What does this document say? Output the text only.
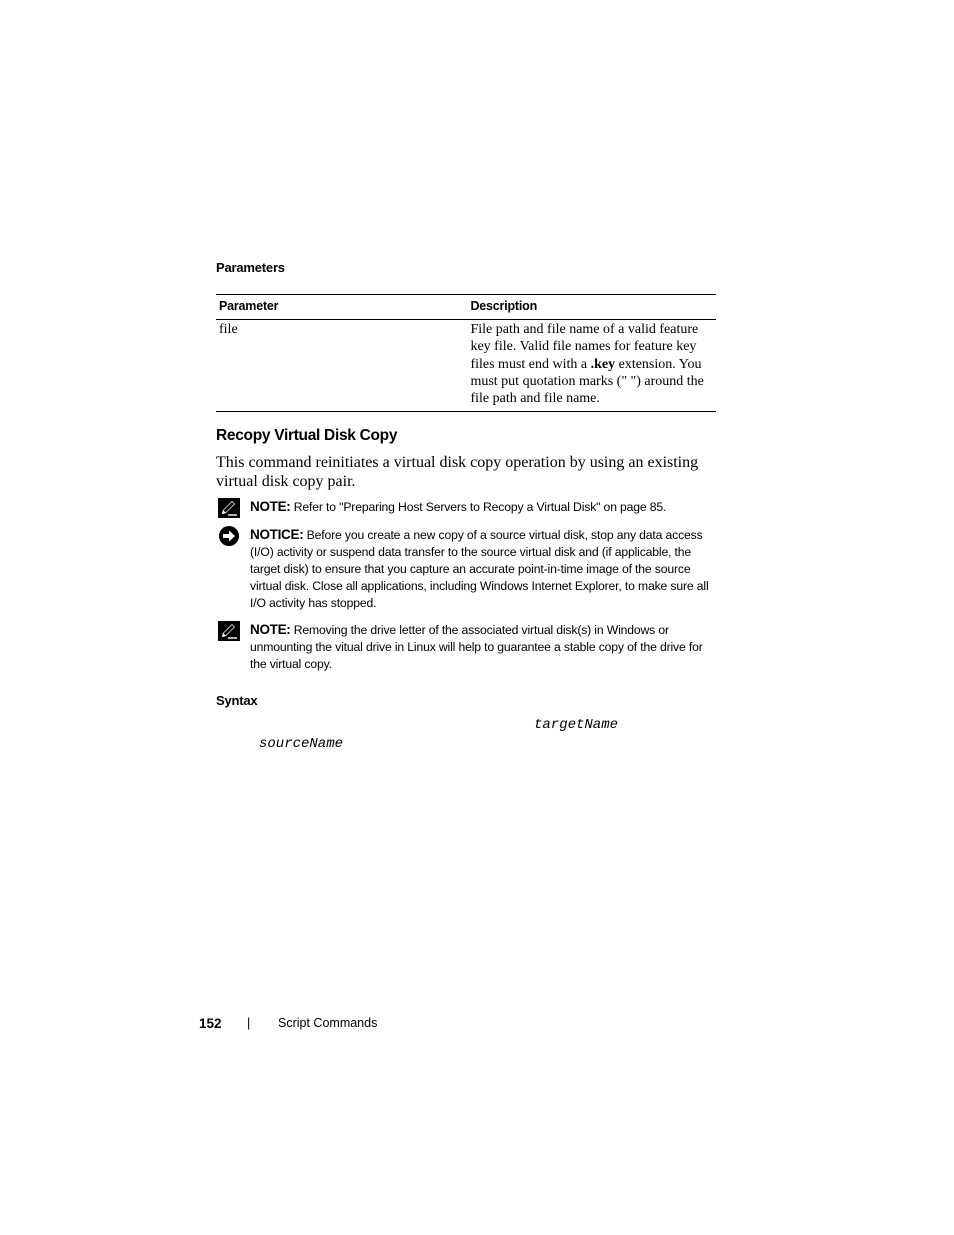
Parameters
Parameter	Description
file	File path and file name of a valid feature key file. Valid file names for feature key files must end with a .key extension. You must put quotation marks (" ") around the file path and file name.
Recopy Virtual Disk Copy
This command reinitiates a virtual disk copy operation by using an existing virtual disk copy pair.
NOTE: Refer to "Preparing Host Servers to Recopy a Virtual Disk" on page 85.
NOTICE: Before you create a new copy of a source virtual disk, stop any data access (I/O) activity or suspend data transfer to the source virtual disk and (if applicable, the target disk) to ensure that you capture an accurate point-in-time image of the source virtual disk. Close all applications, including Windows Internet Explorer, to make sure all I/O activity has stopped.
NOTE: Removing the drive letter of the associated virtual disk(s) in Windows or unmounting the vitual drive in Linux will help to guarantee a stable copy of the drive for the virtual copy.
Syntax
targetName
sourceName
152 | Script Commands
